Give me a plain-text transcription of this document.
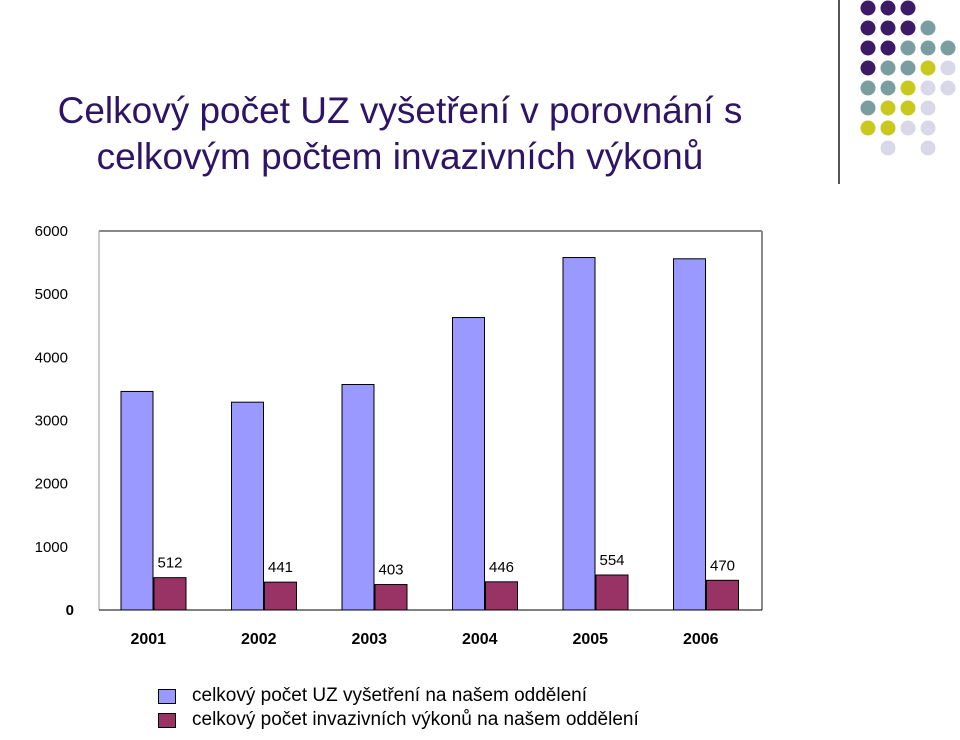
Celkový počet UZ vyšetření v porovnání s
celkovým počtem invazivních výkonů
0
1000
2000
3000
4000
5000
6000
512
2001
441
2002
403
2003
446
2004
554
2005
470
2006
celkový počet UZ vyšetření na našem oddělení
celkový počet invazivních výkonů na našem oddělení
